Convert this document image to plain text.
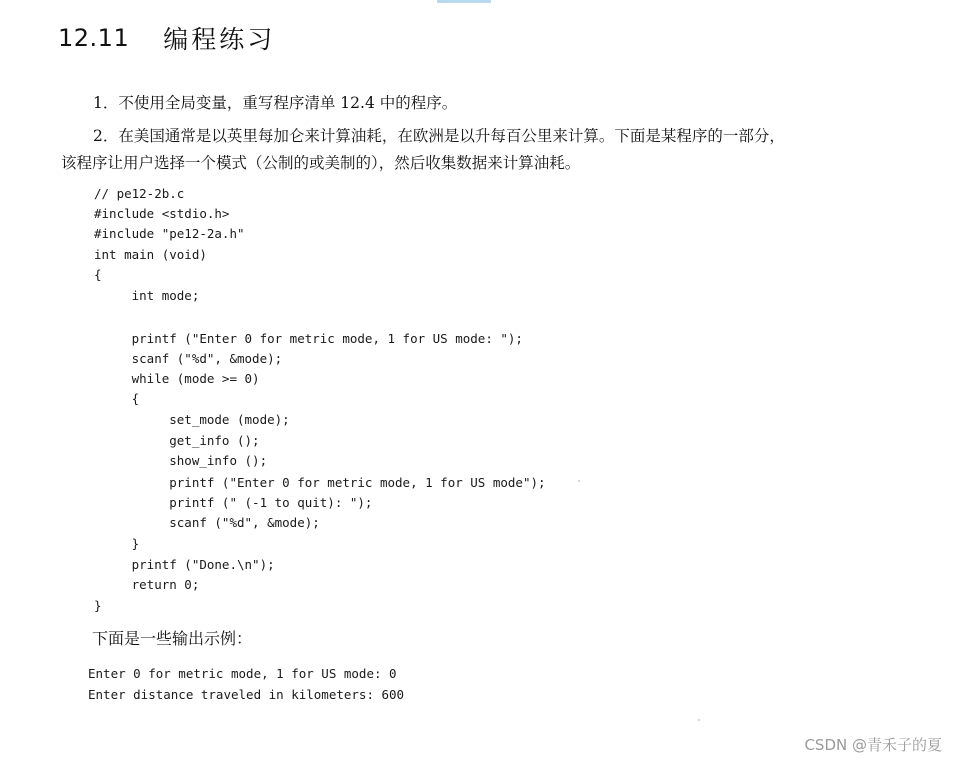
12.11 编程练习
1．不使用全局变量，重写程序清单 12.4 中的程序。
2．在美国通常是以英里每加仑来计算油耗，在欧洲是以升每百公里来计算。下面是某程序的一部分，
该程序让用户选择一个模式（公制的或美制的），然后收集数据来计算油耗。
// pe12-2b.c
#include <stdio.h>
#include "pe12-2a.h"
int main (void)
{
int mode;
printf ("Enter 0 for metric mode, 1 for US mode: ");
scanf ("%d", &mode);
while (mode >= 0)
{
set_mode (mode);
get_info ();
show_info ();
printf ("Enter 0 for metric mode, 1 for US mode");
printf (" (-1 to quit): ");
scanf ("%d", &mode);
}
printf ("Done.\n");
return 0;
}
下面是一些输出示例：
Enter 0 for metric mode, 1 for US mode: 0
Enter distance traveled in kilometers: 600
CSDN @青禾子的夏
